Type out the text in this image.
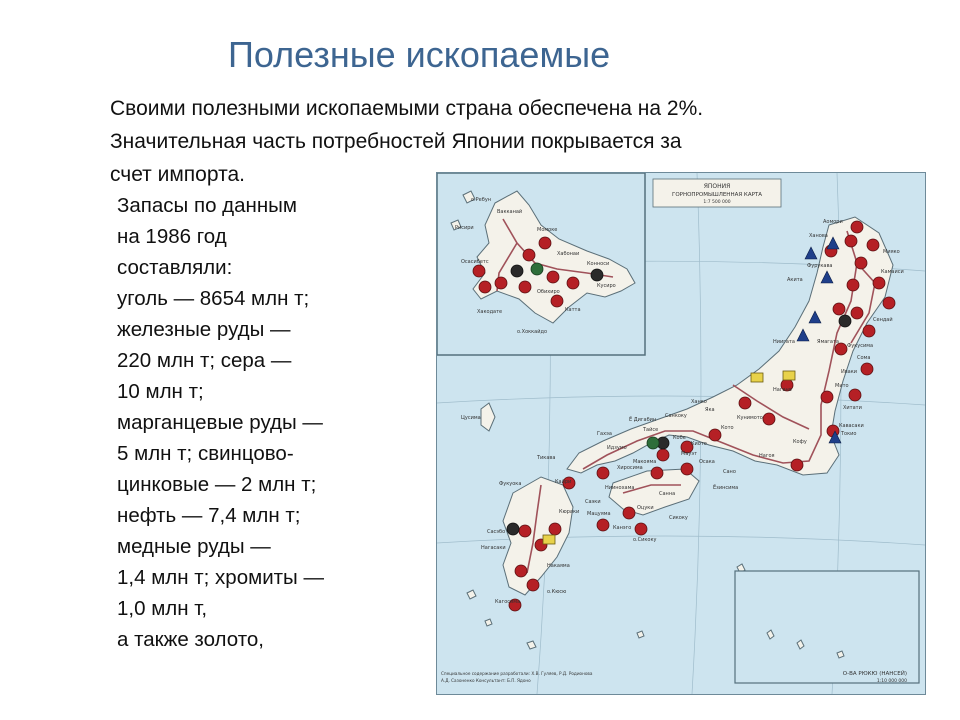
Полезные ископаемые
Своими полезными ископаемыми страна обеспечена на 2%.
Значительная часть потребностей Японии покрывается за
счет импорта.
ЯПОНИЯ
ГОРНОПРОМЫШЛЕННАЯ КАРТА
1:7 500 000
О-ВА РЮКЮ (НАНСЕЙ)
1:10 000 000
Специальное содержание разработали: Х.В. Гуляев, Р.Д. Родионова
А.Д. Сазоненко Консультант: Б.П. Ядоно
о.Ребун
Рисири
Вакканай
Момоке
Хабонаи
Конноси
Кусиро
Осасибетс
Обихиро
Катта
Хакодате
о.Хоккайдо
Аомори
Ханова
Фурукава
Акита
Камаиси
Сендай
Ямагата
Ниигата
Кавасаки
Токио
Кофу
Нагоя
Кото
Осака
Кобе
Хиросима
Тайсе
Идзумо
Саэки
Макояма
Санна
Фукуока
Кагосима
Накаяма
Сикоку
Канэго
о.Сикоку
о.Кюсю
Цусима
Нагасаки
Кюраки Мацуяма
Мауэт
Нагано
Мито
Кунимото
Санкоку
Мияко
Ханко
Гахэа
Тикава
Яка
Сано
Киото
Ёзинсима
Кайри
Ё Дигабин
Сасэбо
Оцуки
Ниинохама
Иваки
Хитати
Сома
Фукусима
Запасы по данным
на 1986 год
составляли:
уголь — 8654 млн т;
железные руды —
220 млн т; сера —
10 млн т;
марганцевые руды —
5 млн т; свинцово-
цинковые — 2 млн т;
нефть — 7,4 млн т;
медные руды —
1,4 млн т; хромиты —
1,0 млн т,
а также золото,
